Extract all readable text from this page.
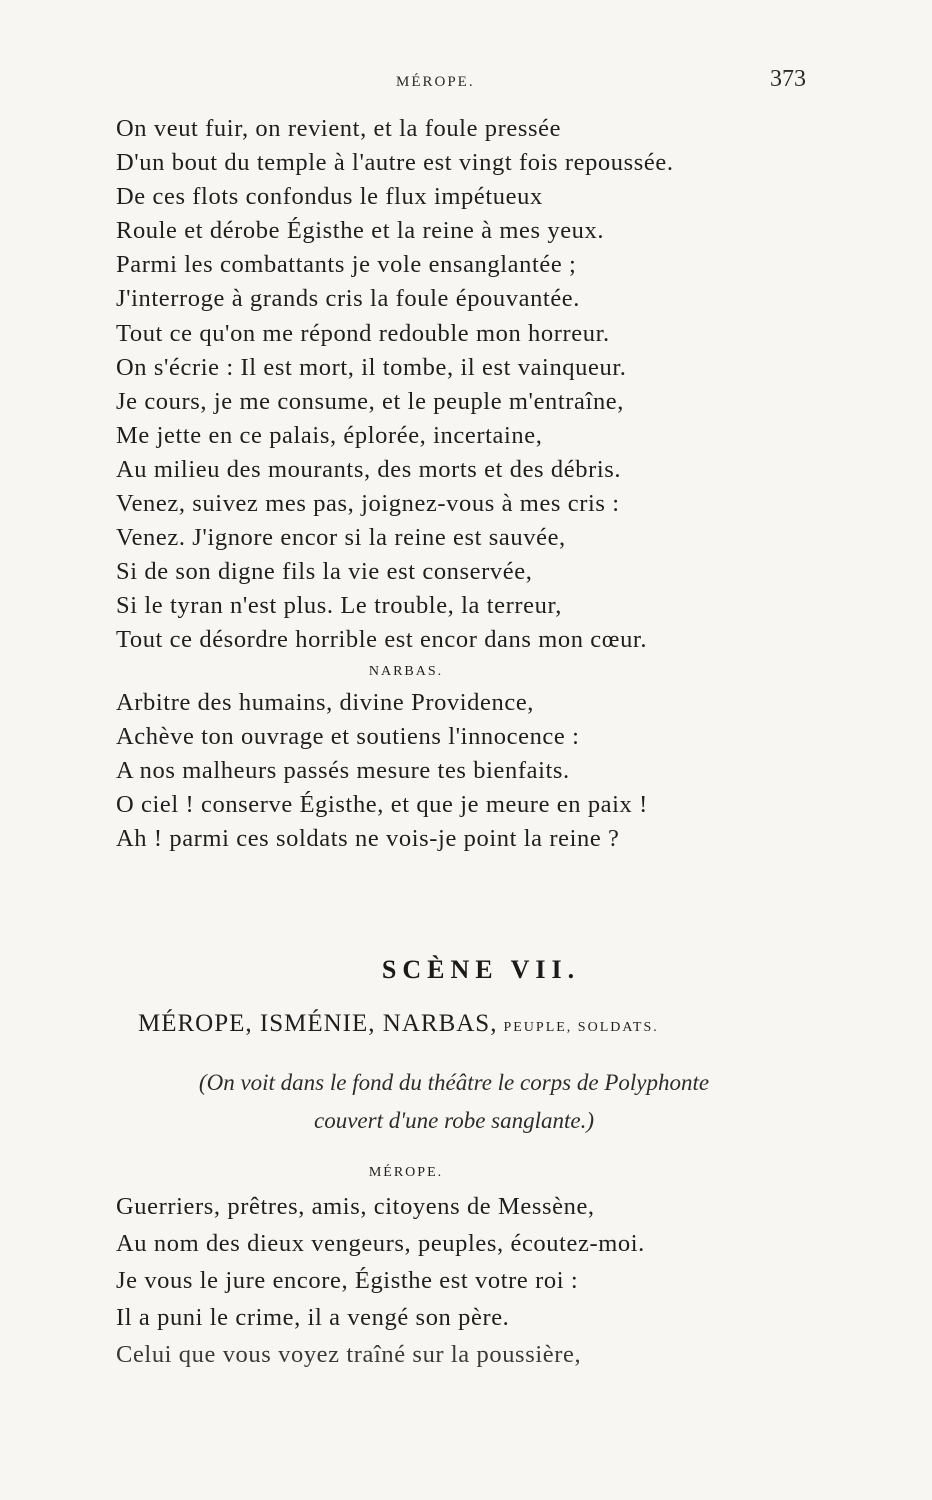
MÉROPE.	373
On veut fuir, on revient, et la foule pressée
D'un bout du temple à l'autre est vingt fois repoussée.
De ces flots confondus le flux impétueux
Roule et dérobe Égisthe et la reine à mes yeux.
Parmi les combattants je vole ensanglantée ;
J'interroge à grands cris la foule épouvantée.
Tout ce qu'on me répond redouble mon horreur.
On s'écrie : Il est mort, il tombe, il est vainqueur.
Je cours, je me consume, et le peuple m'entraîne,
Me jette en ce palais, éplorée, incertaine,
Au milieu des mourants, des morts et des débris.
Venez, suivez mes pas, joignez-vous à mes cris :
Venez. J'ignore encor si la reine est sauvée,
Si de son digne fils la vie est conservée,
Si le tyran n'est plus. Le trouble, la terreur,
Tout ce désordre horrible est encor dans mon cœur.
NARBAS.
Arbitre des humains, divine Providence,
Achève ton ouvrage et soutiens l'innocence :
A nos malheurs passés mesure tes bienfaits.
O ciel ! conserve Égisthe, et que je meure en paix !
Ah ! parmi ces soldats ne vois-je point la reine ?
SCÈNE VII.
MÉROPE, ISMÉNIE, NARBAS, PEUPLE, SOLDATS.
(On voit dans le fond du théâtre le corps de Polyphonte
couvert d'une robe sanglante.)
MÉROPE.
Guerriers, prêtres, amis, citoyens de Messène,
Au nom des dieux vengeurs, peuples, écoutez-moi.
Je vous le jure encore, Égisthe est votre roi :
Il a puni le crime, il a vengé son père.
Celui que vous voyez traîné sur la poussière,
